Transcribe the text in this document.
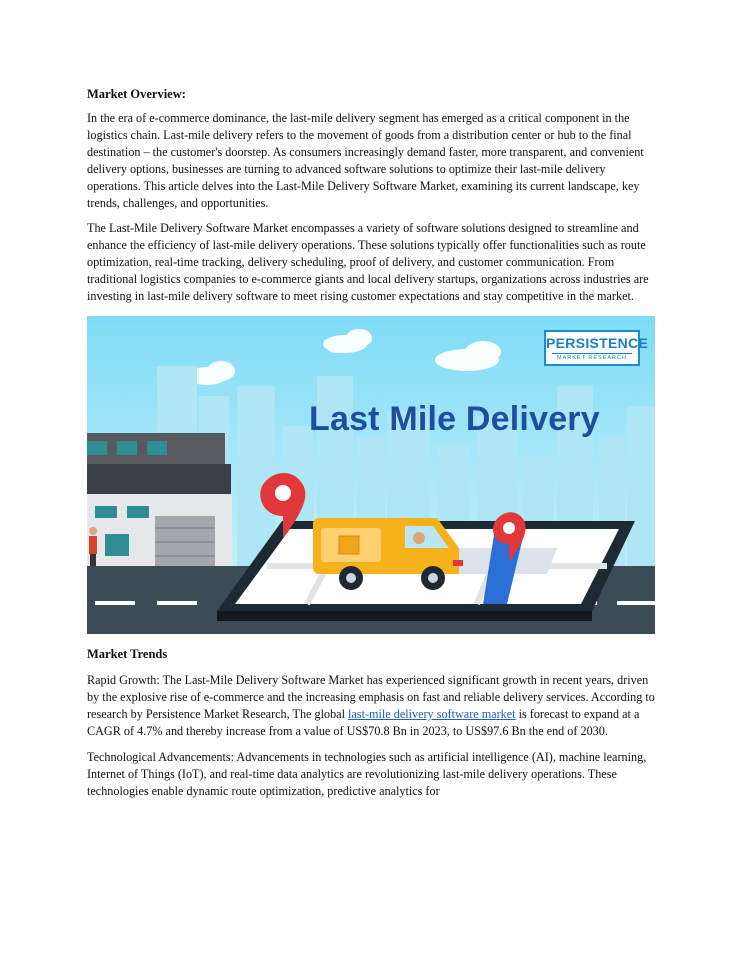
Market Overview:

In the era of e-commerce dominance, the last-mile delivery segment has emerged as a critical component in the logistics chain. Last-mile delivery refers to the movement of goods from a distribution center or hub to the final destination – the customer's doorstep. As consumers increasingly demand faster, more transparent, and convenient delivery options, businesses are turning to advanced software solutions to optimize their last-mile delivery operations. This article delves into the Last-Mile Delivery Software Market, examining its current landscape, key trends, challenges, and opportunities.

The Last-Mile Delivery Software Market encompasses a variety of software solutions designed to streamline and enhance the efficiency of last-mile delivery operations. These solutions typically offer functionalities such as route optimization, real-time tracking, delivery scheduling, proof of delivery, and customer communication. From traditional logistics companies to e-commerce giants and local delivery startups, organizations across industries are investing in last-mile delivery software to meet rising customer expectations and stay competitive in the market.

Last Mile Delivery
PERSISTENCE
MARKET RESEARCH
Market Trends

Rapid Growth: The Last-Mile Delivery Software Market has experienced significant growth in recent years, driven by the explosive rise of e-commerce and the increasing emphasis on fast and reliable delivery services. According to research by Persistence Market Research, The global last-mile delivery software market is forecast to expand at a CAGR of 4.7% and thereby increase from a value of US$70.8 Bn in 2023, to US$97.6 Bn the end of 2030.

Technological Advancements: Advancements in technologies such as artificial intelligence (AI), machine learning, Internet of Things (IoT), and real-time data analytics are revolutionizing last-mile delivery operations. These technologies enable dynamic route optimization, predictive analytics for
